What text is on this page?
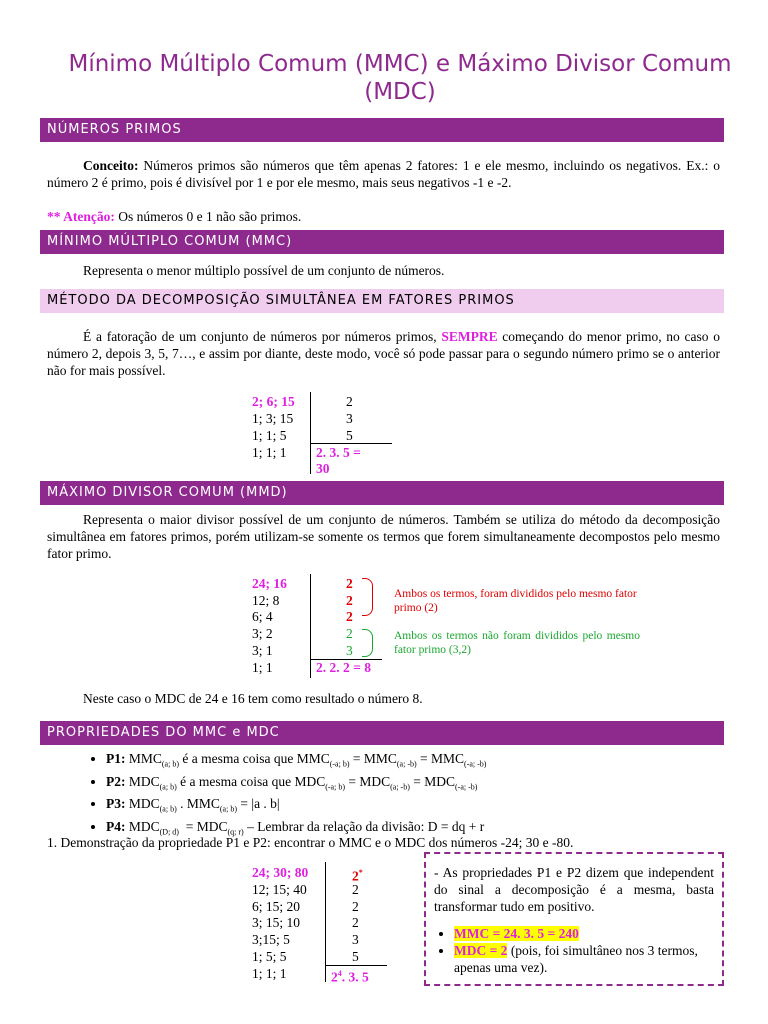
Mínimo Múltiplo Comum (MMC) e Máximo Divisor Comum (MDC)
NÚMEROS PRIMOS
Conceito: Números primos são números que têm apenas 2 fatores: 1 e ele mesmo, incluindo os negativos. Ex.: o número 2 é primo, pois é divisível por 1 e por ele mesmo, mais seus negativos -1 e -2.
** Atenção: Os números 0 e 1 não são primos.
MÍNIMO MÚLTIPLO COMUM (MMC)
Representa o menor múltiplo possível de um conjunto de números.
MÉTODO DA DECOMPOSIÇÃO SIMULTÂNEA EM FATORES PRIMOS
É a fatoração de um conjunto de números por números primos, SEMPRE começando do menor primo, no caso o número 2, depois 3, 5, 7…, e assim por diante, deste modo, você só pode passar para o segundo número primo se o anterior não for mais possível.
2; 6; 15
1; 3; 15
1; 1; 5
1; 1; 1
2
3
5
2. 3. 5 =
30
MÁXIMO DIVISOR COMUM (MMD)
Representa o maior divisor possível de um conjunto de números. Também se utiliza do método da decomposição simultânea em fatores primos, porém utilizam-se somente os termos que forem simultaneamente decompostos pelo mesmo fator primo.
24; 16
12; 8
6; 4
3; 2
3; 1
1; 1
2
2
2
2
3
2. 2. 2 = 8
Ambos os termos, foram divididos pelo mesmo fator primo (2)
Ambos os termos não foram divididos pelo mesmo fator primo (3,2)
Neste caso o MDC de 24 e 16 tem como resultado o número 8.
PROPRIEDADES DO MMC e MDC
• P1: $MMC_{(a; b)}$ é a mesma coisa que $MMC_{(-a; b)} = MMC_{(a; -b)} = MMC_{(-a; -b)}$
• P2: $MDC_{(a; b)}$ é a mesma coisa que $MDC_{(-a; b)} = MDC_{(a; -b)} = MDC_{(-a; -b)}$
• P3: $MDC_{(a; b)}$ . $MMC_{(a; b)} = |a$ . b|
• P4: $MDC_{(D; d)} = MDC_{(q; r)}$ – Lembrar da relação da divisão: D = dq + r
1. Demonstração da propriedade P1 e P2: encontrar o MMC e o MDC dos números -24; 30 e -80.
24; 30; 80
12; 15; 40
6; 15; 20
3; 15; 10
3;15; 5
1; 5; 5
1; 1; 1
2*
2
2
2
3
5
$2^4$. 3. 5
- As propriedades P1 e P2 dizem que independent do sinal a decomposição é a mesma, basta transformar tudo em positivo.
• MMC = 24. 3. 5 = 240
• MDC = 2 (pois, foi simultâneo nos 3 termos, apenas uma vez).
